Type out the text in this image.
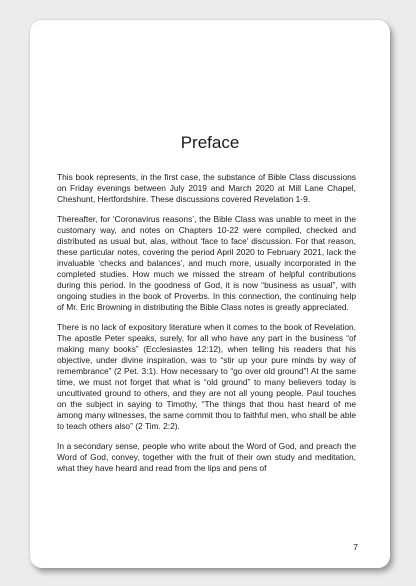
Preface

This book represents, in the first case, the substance of Bible Class discussions on Friday evenings between July 2019 and March 2020 at Mill Lane Chapel, Cheshunt, Hertfordshire. These discussions covered Revelation 1-9.

Thereafter, for ‘Coronavirus reasons’, the Bible Class was unable to meet in the customary way, and notes on Chapters 10-22 were compiled, checked and distributed as usual but, alas, without ‘face to face’ discussion. For that reason, these particular notes, covering the period April 2020 to February 2021, lack the invaluable ‘checks and balances’, and much more, usually incorporated in the completed studies. How much we missed the stream of helpful contributions during this period. In the goodness of God, it is now “business as usual”, with ongoing studies in the book of Proverbs. In this connection, the continuing help of Mr. Eric Browning in distributing the Bible Class notes is greatly appreciated.

There is no lack of expository literature when it comes to the book of Revelation. The apostle Peter speaks, surely, for all who have any part in the business “of making many books” (Ecclesiastes 12:12), when telling his readers that his objective, under divine inspiration, was to “stir up your pure minds by way of remembrance” (2 Pet. 3:1). How necessary to “go over old ground”! At the same time, we must not forget that what is “old ground” to many believers today is uncultivated ground to others, and they are not all young people. Paul touches on the subject in saying to Timothy, “The things that thou hast heard of me among many witnesses, the same commit thou to faithful men, who shall be able to teach others also” (2 Tim. 2:2).

In a secondary sense, people who write about the Word of God, and preach the Word of God, convey, together with the fruit of their own study and meditation, what they have heard and read from the lips and pens of

7
